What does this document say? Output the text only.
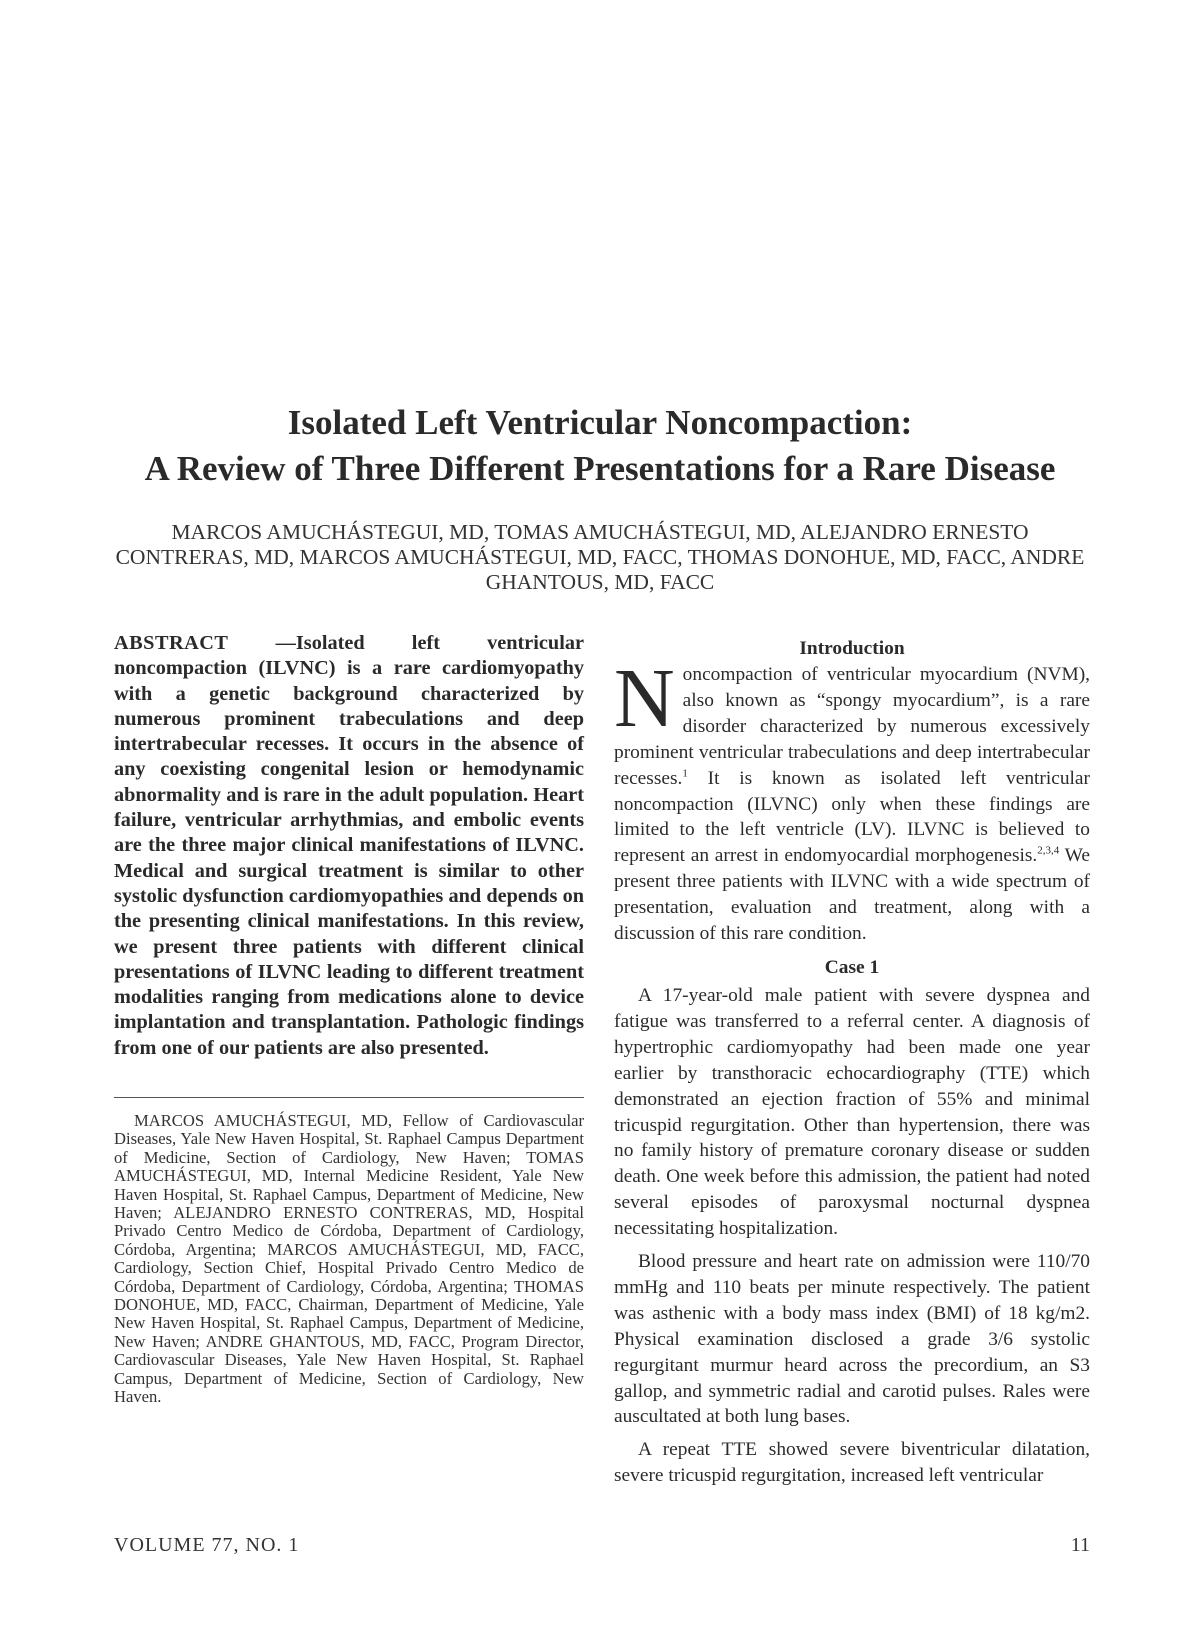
Isolated Left Ventricular Noncompaction:
A Review of Three Different Presentations for a Rare Disease
MARCOS AMUCHÁSTEGUI, MD, TOMAS AMUCHÁSTEGUI, MD, ALEJANDRO ERNESTO CONTRERAS, MD, MARCOS AMUCHÁSTEGUI, MD, FACC, THOMAS DONOHUE, MD, FACC, ANDRE GHANTOUS, MD, FACC
ABSTRACT —Isolated left ventricular noncompaction (ILVNC) is a rare cardiomyopathy with a genetic background characterized by numerous prominent trabeculations and deep intertrabecular recesses. It occurs in the absence of any coexisting congenital lesion or hemodynamic abnormality and is rare in the adult population. Heart failure, ventricular arrhythmias, and embolic events are the three major clinical manifestations of ILVNC. Medical and surgical treatment is similar to other systolic dysfunction cardiomyopathies and depends on the presenting clinical manifestations. In this review, we present three patients with different clinical presentations of ILVNC leading to different treatment modalities ranging from medications alone to device implantation and transplantation. Pathologic findings from one of our patients are also presented.
MARCOS AMUCHÁSTEGUI, MD, Fellow of Cardiovascular Diseases, Yale New Haven Hospital, St. Raphael Campus Department of Medicine, Section of Cardiology, New Haven; TOMAS AMUCHÁSTEGUI, MD, Internal Medicine Resident, Yale New Haven Hospital, St. Raphael Campus, Department of Medicine, New Haven; ALEJANDRO ERNESTO CONTRERAS, MD, Hospital Privado Centro Medico de Córdoba, Department of Cardiology, Córdoba, Argentina; MARCOS AMUCHÁSTEGUI, MD, FACC, Cardiology, Section Chief, Hospital Privado Centro Medico de Córdoba, Department of Cardiology, Córdoba, Argentina; THOMAS DONOHUE, MD, FACC, Chairman, Department of Medicine, Yale New Haven Hospital, St. Raphael Campus, Department of Medicine, New Haven; ANDRE GHANTOUS, MD, FACC, Program Director, Cardiovascular Diseases, Yale New Haven Hospital, St. Raphael Campus, Department of Medicine, Section of Cardiology, New Haven.
Introduction

Noncompaction of ventricular myocardium (NVM), also known as “spongy myocardium”, is a rare disorder characterized by numerous excessively prominent ventricular trabeculations and deep intertrabecular recesses.$^1$ It is known as isolated left ventricular noncompaction (ILVNC) only when these findings are limited to the left ventricle (LV). ILVNC is believed to represent an arrest in endomyocardial morphogenesis.$^{2,3,4}$ We present three patients with ILVNC with a wide spectrum of presentation, evaluation and treatment, along with a discussion of this rare condition.

Case 1

A 17-year-old male patient with severe dyspnea and fatigue was transferred to a referral center. A diagnosis of hypertrophic cardiomyopathy had been made one year earlier by transthoracic echocardiography (TTE) which demonstrated an ejection fraction of 55% and minimal tricuspid regurgitation. Other than hypertension, there was no family history of premature coronary disease or sudden death. One week before this admission, the patient had noted several episodes of paroxysmal nocturnal dyspnea necessitating hospitalization.

Blood pressure and heart rate on admission were 110/70 mmHg and 110 beats per minute respectively. The patient was asthenic with a body mass index (BMI) of 18 kg/m2. Physical examination disclosed a grade 3/6 systolic regurgitant murmur heard across the precordium, an S3 gallop, and symmetric radial and carotid pulses. Rales were auscultated at both lung bases.

A repeat TTE showed severe biventricular dilatation, severe tricuspid regurgitation, increased left ventricular

VOLUME 77, NO. 1	11
